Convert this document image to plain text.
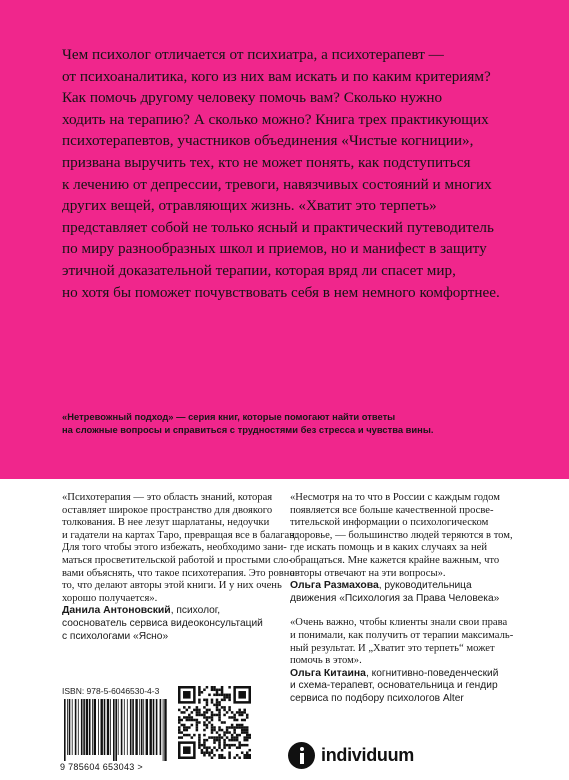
Чем психолог отличается от психиатра, а психотерапевт —
от психоаналитика, кого из них вам искать и по каким критериям?
Как помочь другому человеку помочь вам? Сколько нужно
ходить на терапию? А сколько можно? Книга трех практикующих
психотерапевтов, участников объединения «Чистые когниции»,
призвана выручить тех, кто не может понять, как подступиться
к лечению от депрессии, тревоги, навязчивых состояний и многих
других вещей, отравляющих жизнь. «Хватит это терпеть»
представляет собой не только ясный и практический путеводитель
по миру разнообразных школ и приемов, но и манифест в защиту
этичной доказательной терапии, которая вряд ли спасет мир,
но хотя бы поможет почувствовать себя в нем немного комфортнее.
«Нетревожный подход» — серия книг, которые помогают найти ответы
на сложные вопросы и справиться с трудностями без стресса и чувства вины.
«Психотерапия — это область знаний, которая
оставляет широкое пространство для двоякого
толкования. В нее лезут шарлатаны, недоучки
и гадатели на картах Таро, превращая все в балаган.
Для того чтобы этого избежать, необходимо зани-
маться просветительской работой и простыми сло-
вами объяснять, что такое психотерапия. Это ровно
то, что делают авторы этой книги. И у них очень
хорошо получается».
Данила Антоновский, психолог,
сооснователь сервиса видеоконсультаций
с психологами «Ясно»
«Несмотря на то что в России с каждым годом
появляется все больше качественной просве-
тительской информации о психологическом
здоровье, — большинство людей теряются в том,
где искать помощь и в каких случаях за ней
обращаться. Мне кажется крайне важным, что
авторы отвечают на эти вопросы».
Ольга Размахова, руководительница
движения «Психология за Права Человека»
«Очень важно, чтобы клиенты знали свои права
и понимали, как получить от терапии максималь-
ный результат. И „Хватит это терпеть“ может
помочь в этом».
Ольга Китаина, когнитивно-поведенческий
и схема-терапевт, основательница и гендир
сервиса по подбору психологов Alter
ISBN: 978-5-6046530-4-3
9 785604 653043 >
individuum
